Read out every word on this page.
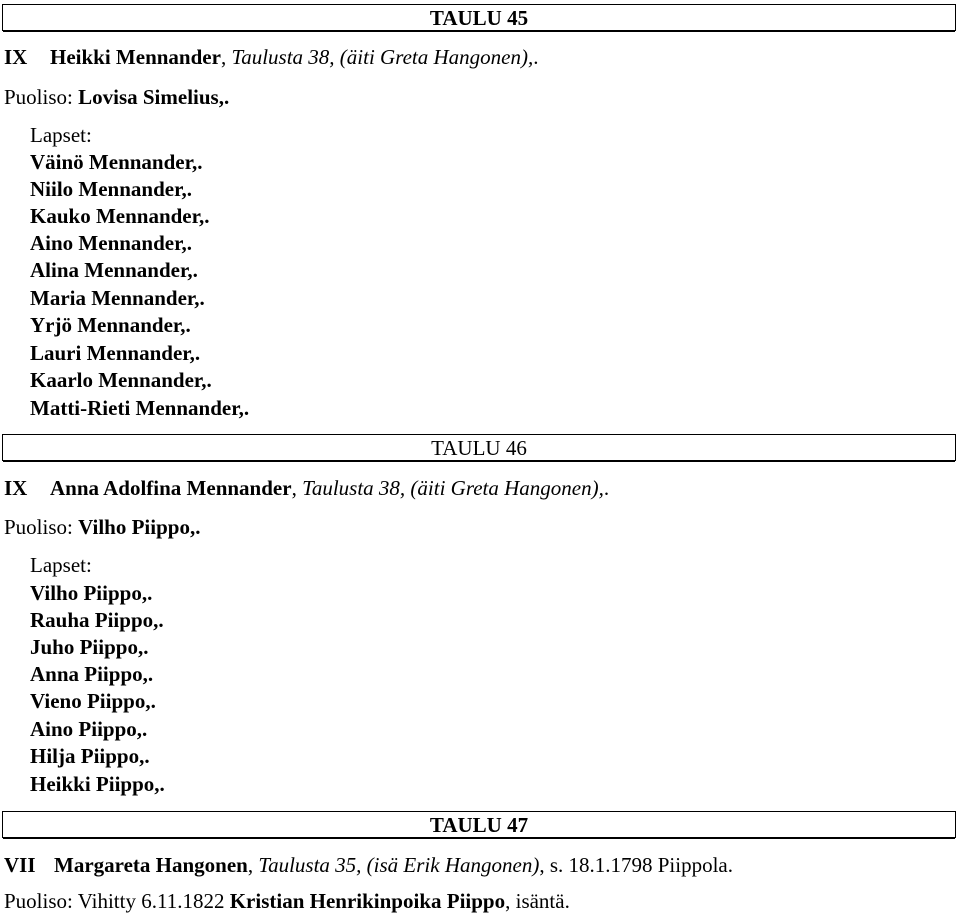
TAULU 45
IX Heikki Mennander, Taulusta 38, (äiti Greta Hangonen),.
Puoliso: Lovisa Simelius,.
Lapset:
Väinö Mennander,.
Niilo Mennander,.
Kauko Mennander,.
Aino Mennander,.
Alina Mennander,.
Maria Mennander,.
Yrjö Mennander,.
Lauri Mennander,.
Kaarlo Mennander,.
Matti-Rieti Mennander,.
TAULU 46
IX Anna Adolfina Mennander, Taulusta 38, (äiti Greta Hangonen),.
Puoliso: Vilho Piippo,.
Lapset:
Vilho Piippo,.
Rauha Piippo,.
Juho Piippo,.
Anna Piippo,.
Vieno Piippo,.
Aino Piippo,.
Hilja Piippo,.
Heikki Piippo,.
TAULU 47
VII Margareta Hangonen, Taulusta 35, (isä Erik Hangonen), s. 18.1.1798 Piippola.
Puoliso: Vihitty 6.11.1822 Kristian Henrikinpoika Piippo, isäntä.
